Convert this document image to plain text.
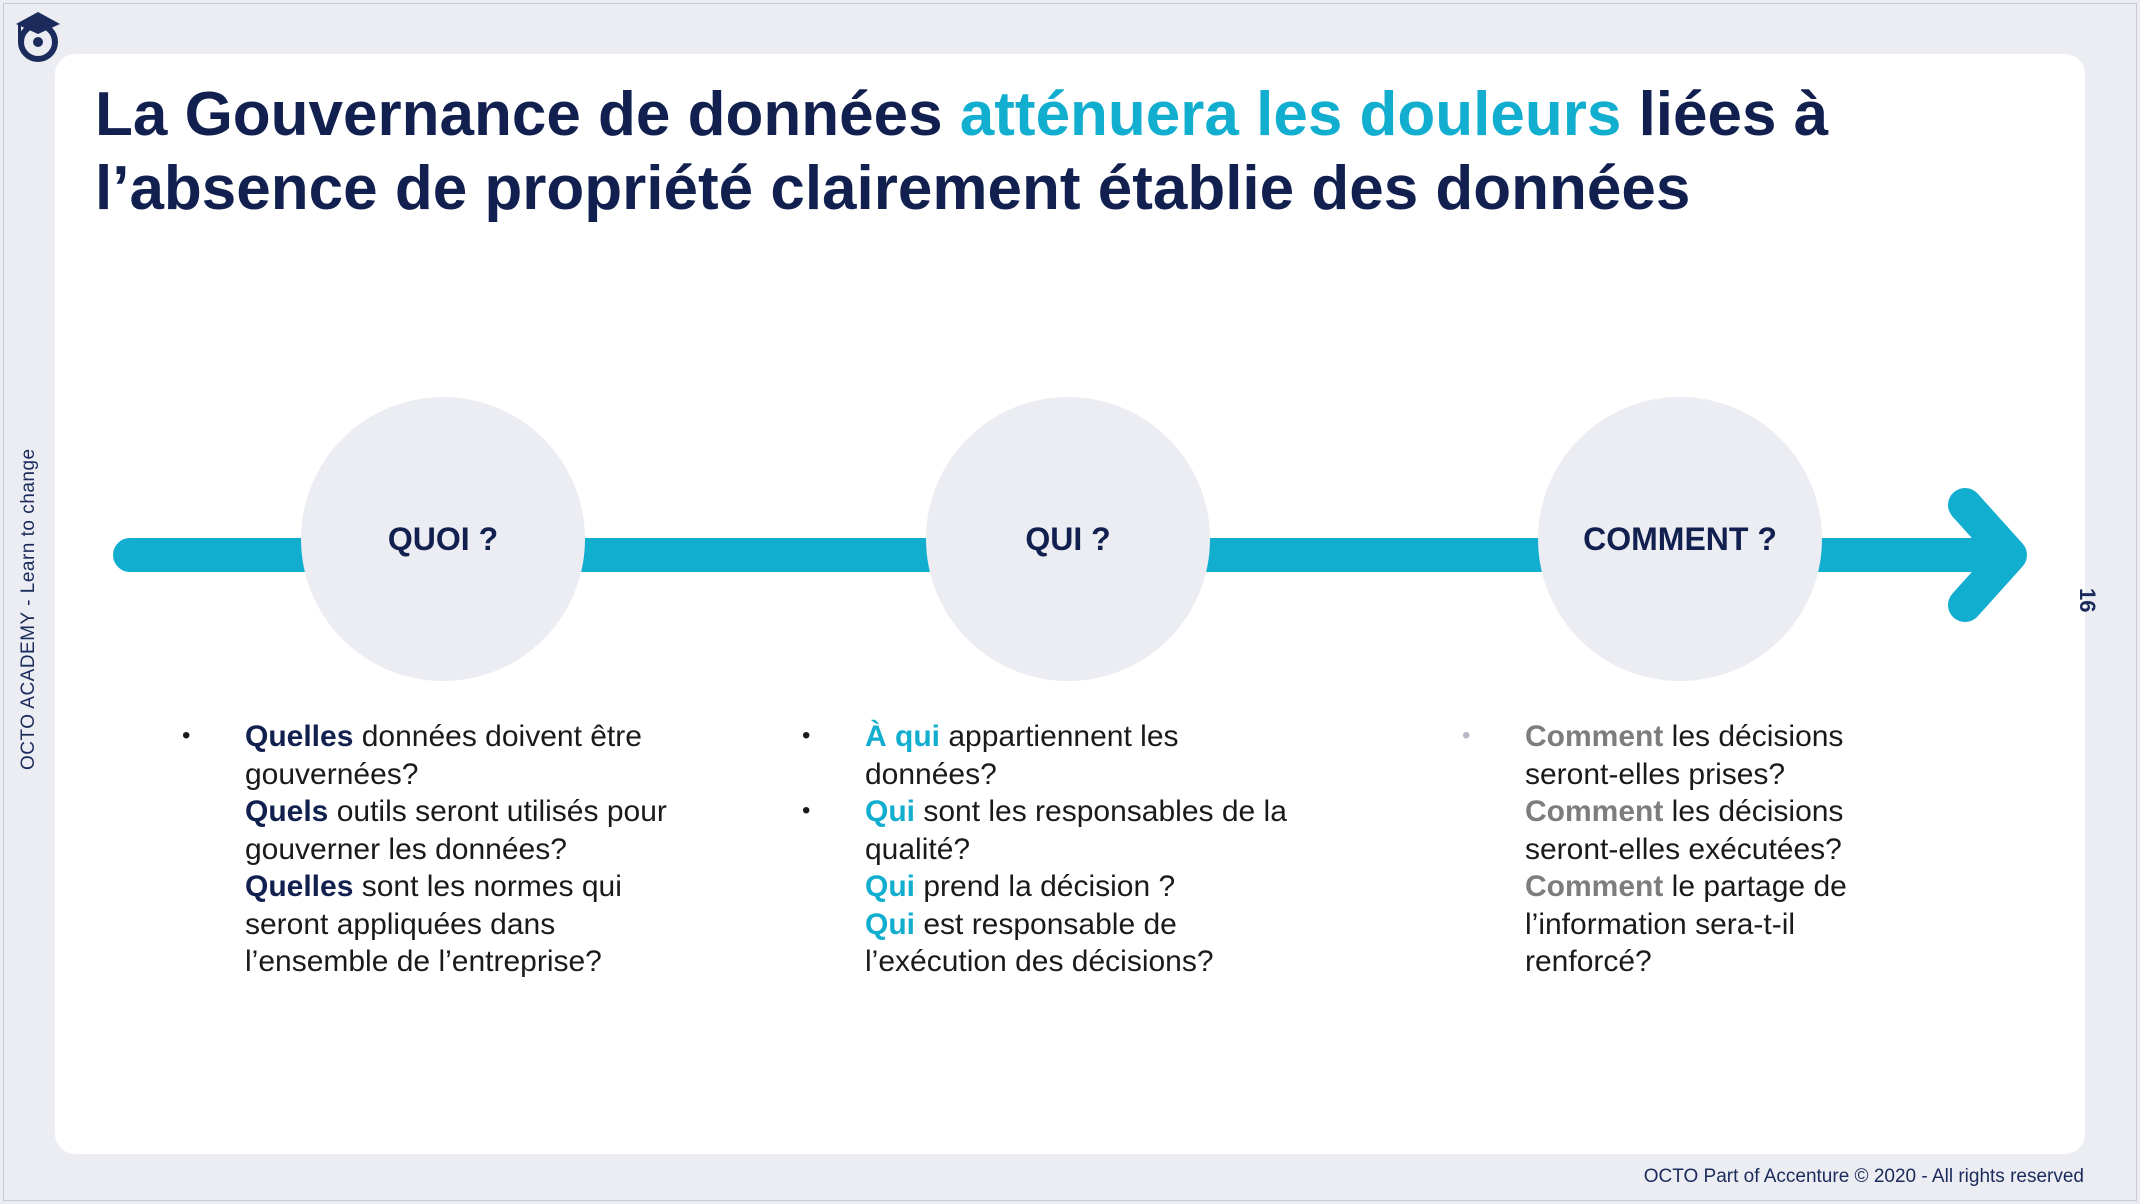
OCTO ACADEMY - Learn to change	16
La Gouvernance de données atténuera les douleurs liées à l’absence de propriété clairement établie des données
QUOI ?	QUI ?	COMMENT ?
• Quelles données doivent être
gouvernées?
Quels outils seront utilisés pour
gouverner les données?
Quelles sont les normes qui
seront appliquées dans
l’ensemble de l’entreprise?
•
•
À qui appartiennent les
données?
Qui sont les responsables de la
qualité?
Qui prend la décision ?
Qui est responsable de
l’exécution des décisions?
• Comment les décisions
seront-elles prises?
Comment les décisions
seront-elles exécutées?
Comment le partage de
l’information sera-t-il
renforcé?
OCTO Part of Accenture © 2020 - All rights reserved
